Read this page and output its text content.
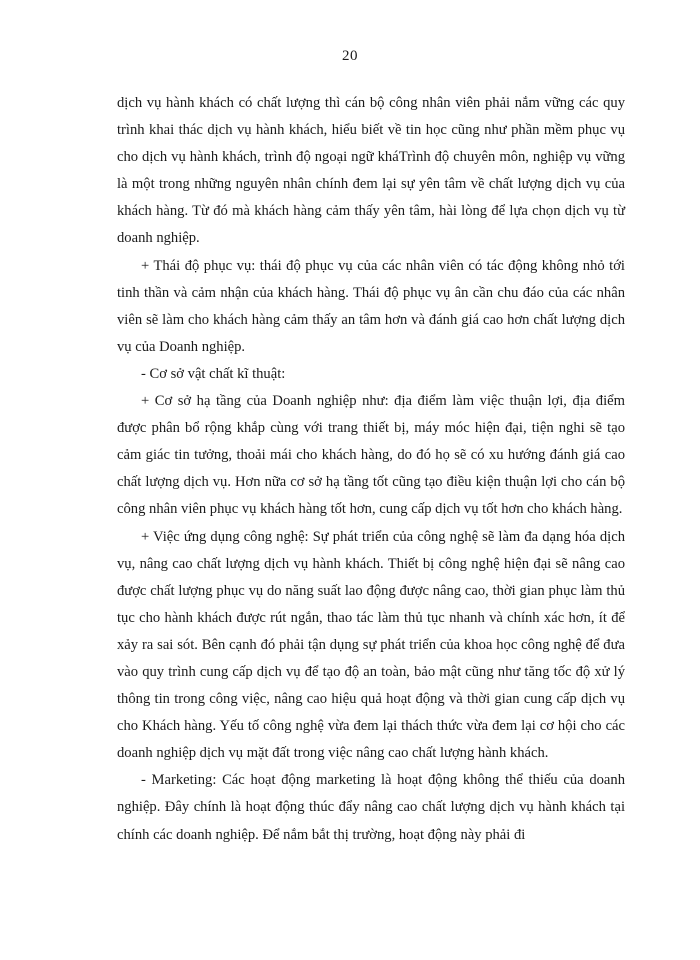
20

dịch vụ hành khách có chất lượng thì cán bộ công nhân viên phải nắm vững các quy trình khai thác dịch vụ hành khách, hiểu biết về tin học cũng như phần mềm phục vụ cho dịch vụ hành khách, trình độ ngoại ngữ kháTrình độ chuyên môn, nghiệp vụ vững là một trong những nguyên nhân chính đem lại sự yên tâm về chất lượng dịch vụ của khách hàng. Từ đó mà khách hàng cảm thấy yên tâm, hài lòng để lựa chọn dịch vụ từ doanh nghiệp.

+ Thái độ phục vụ: thái độ phục vụ của các nhân viên có tác động không nhỏ tới tinh thần và cảm nhận của khách hàng. Thái độ phục vụ ân cần chu đáo của các nhân viên sẽ làm cho khách hàng cảm thấy an tâm hơn và đánh giá cao hơn chất lượng dịch vụ của Doanh nghiệp.

- Cơ sở vật chất kĩ thuật:

+ Cơ sở hạ tầng của Doanh nghiệp như: địa điểm làm việc thuận lợi, địa điểm được phân bổ rộng khắp cùng với trang thiết bị, máy móc hiện đại, tiện nghi sẽ tạo cảm giác tin tưởng, thoải mái cho khách hàng, do đó họ sẽ có xu hướng đánh giá cao chất lượng dịch vụ. Hơn nữa cơ sở hạ tầng tốt cũng tạo điều kiện thuận lợi cho cán bộ công nhân viên phục vụ khách hàng tốt hơn, cung cấp dịch vụ tốt hơn cho khách hàng.

+ Việc ứng dụng công nghệ: Sự phát triển của công nghệ sẽ làm đa dạng hóa dịch vụ, nâng cao chất lượng dịch vụ hành khách. Thiết bị công nghệ hiện đại sẽ nâng cao được chất lượng phục vụ do năng suất lao động được nâng cao, thời gian phục làm thủ tục cho hành khách được rút ngắn, thao tác làm thủ tục nhanh và chính xác hơn, ít để xảy ra sai sót. Bên cạnh đó phải tận dụng sự phát triển của khoa học công nghệ để đưa vào quy trình cung cấp dịch vụ để tạo độ an toàn, bảo mật cũng như tăng tốc độ xử lý thông tin trong công việc, nâng cao hiệu quả hoạt động và thời gian cung cấp dịch vụ cho Khách hàng. Yếu tố công nghệ vừa đem lại thách thức vừa đem lại cơ hội cho các doanh nghiệp dịch vụ mặt đất trong việc nâng cao chất lượng hành khách.

- Marketing: Các hoạt động marketing là hoạt động không thể thiếu của doanh nghiệp. Đây chính là hoạt động thúc đẩy nâng cao chất lượng dịch vụ hành khách tại chính các doanh nghiệp. Để nắm bắt thị trường, hoạt động này phải đi
